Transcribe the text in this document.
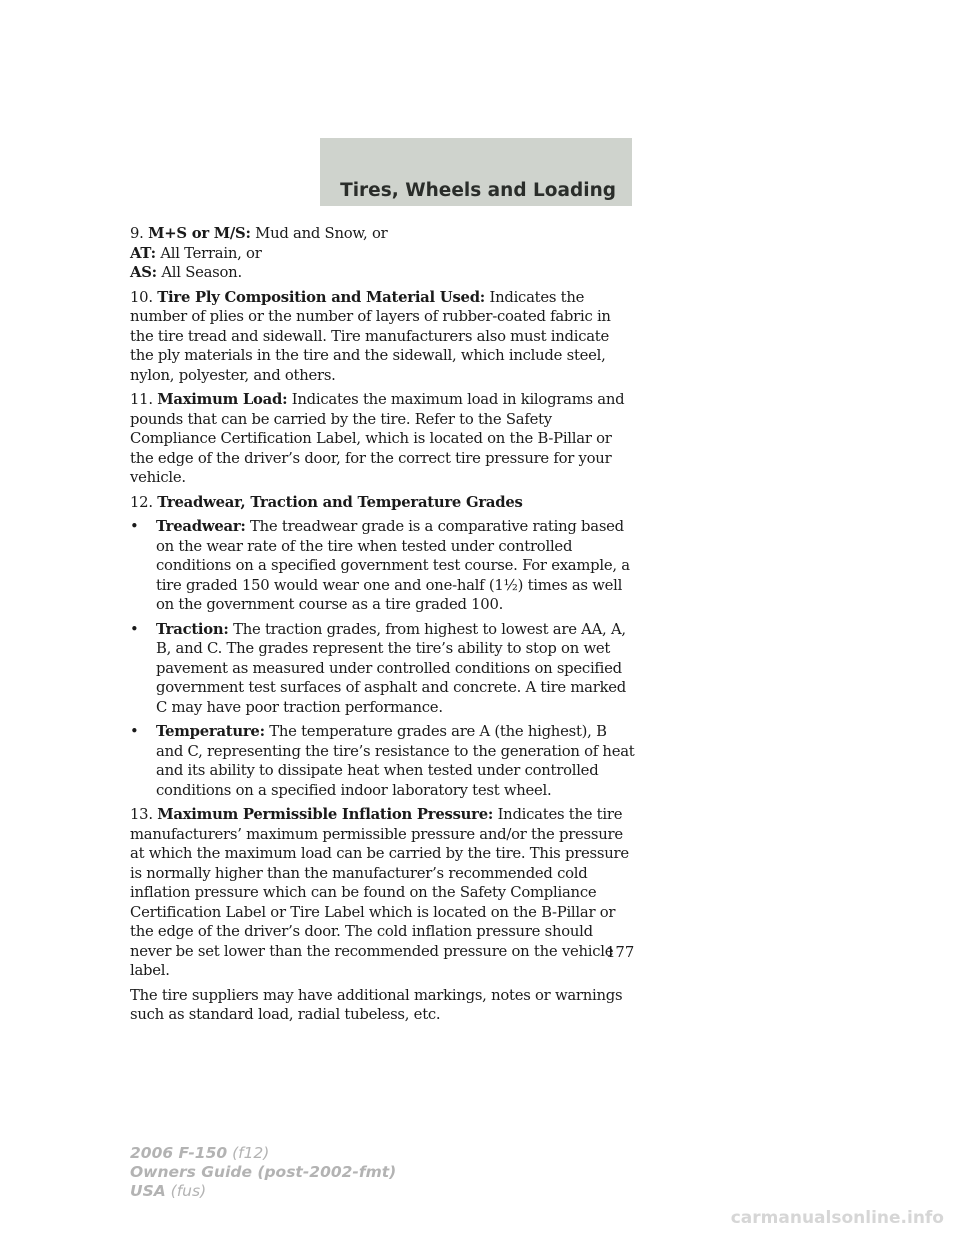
Tires, Wheels and Loading

9. M+S or M/S: Mud and Snow, or
AT: All Terrain, or
AS: All Season.

10. Tire Ply Composition and Material Used: Indicates the number of plies or the number of layers of rubber-coated fabric in the tire tread and sidewall. Tire manufacturers also must indicate the ply materials in the tire and the sidewall, which include steel, nylon, polyester, and others.

11. Maximum Load: Indicates the maximum load in kilograms and pounds that can be carried by the tire. Refer to the Safety Compliance Certification Label, which is located on the B-Pillar or the edge of the driver’s door, for the correct tire pressure for your vehicle.

12. Treadwear, Traction and Temperature Grades

• Treadwear: The treadwear grade is a comparative rating based on the wear rate of the tire when tested under controlled conditions on a specified government test course. For example, a tire graded 150 would wear one and one-half (1½) times as well on the government course as a tire graded 100.
• Traction: The traction grades, from highest to lowest are AA, A, B, and C. The grades represent the tire’s ability to stop on wet pavement as measured under controlled conditions on specified government test surfaces of asphalt and concrete. A tire marked C may have poor traction performance.
• Temperature: The temperature grades are A (the highest), B and C, representing the tire’s resistance to the generation of heat and its ability to dissipate heat when tested under controlled conditions on a specified indoor laboratory test wheel.

13. Maximum Permissible Inflation Pressure: Indicates the tire manufacturers’ maximum permissible pressure and/or the pressure at which the maximum load can be carried by the tire. This pressure is normally higher than the manufacturer’s recommended cold inflation pressure which can be found on the Safety Compliance Certification Label or Tire Label which is located on the B-Pillar or the edge of the driver’s door. The cold inflation pressure should never be set lower than the recommended pressure on the vehicle label.

The tire suppliers may have additional markings, notes or warnings such as standard load, radial tubeless, etc.

177

2006 F-150 (f12)
Owners Guide (post-2002-fmt)
USA (fus)
carmanualsonline.info
